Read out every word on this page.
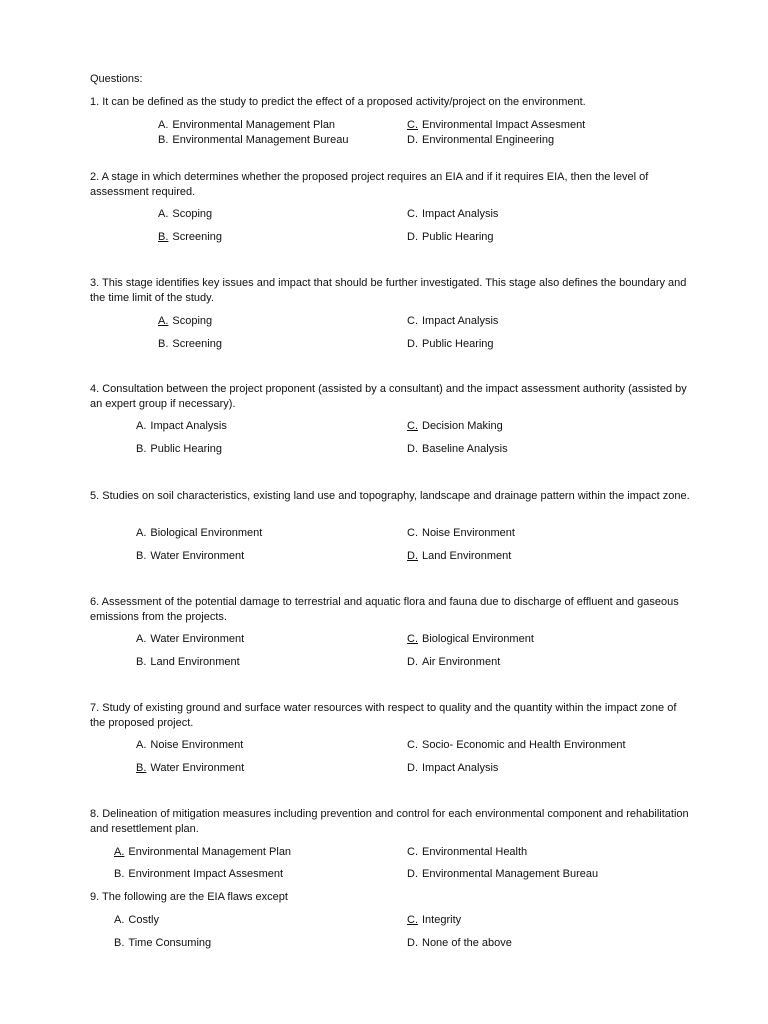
Questions:
1. It can be defined as the study to predict the effect of a proposed activity/project on the environment.
A. Environmental Management Plan	C. Environmental Impact Assesment
B. Environmental Management Bureau	D. Environmental Engineering
2. A stage in which determines whether the proposed project requires an EIA and if it requires EIA, then the level of assessment required.
A. Scoping	C. Impact Analysis
B. Screening	D. Public Hearing
3. This stage identifies key issues and impact that should be further investigated. This stage also defines the boundary and the time limit of the study.
A. Scoping	C. Impact Analysis
B. Screening	D. Public Hearing
4. Consultation between the project proponent (assisted by a consultant) and the impact assessment authority (assisted by an expert group if necessary).
A. Impact Analysis	C. Decision Making
B. Public Hearing	D. Baseline Analysis
5. Studies on soil characteristics, existing land use and topography, landscape and drainage pattern within the impact zone.
A. Biological Environment	C. Noise Environment
B. Water Environment	D. Land Environment
6. Assessment of the potential damage to terrestrial and aquatic flora and fauna due to discharge of effluent and gaseous emissions from the projects.
A. Water Environment	C. Biological Environment
B. Land Environment	D. Air Environment
7. Study of existing ground and surface water resources with respect to quality and the quantity within the impact zone of the proposed project.
A. Noise Environment	C. Socio- Economic and Health Environment
B. Water Environment	D. Impact Analysis
8. Delineation of mitigation measures including prevention and control for each environmental component and rehabilitation and resettlement plan.
A. Environmental Management Plan	C. Environmental Health
B. Environment Impact Assesment	D. Environmental Management Bureau
9. The following are the EIA flaws except
A. Costly	C. Integrity
B. Time Consuming	D. None of the above
